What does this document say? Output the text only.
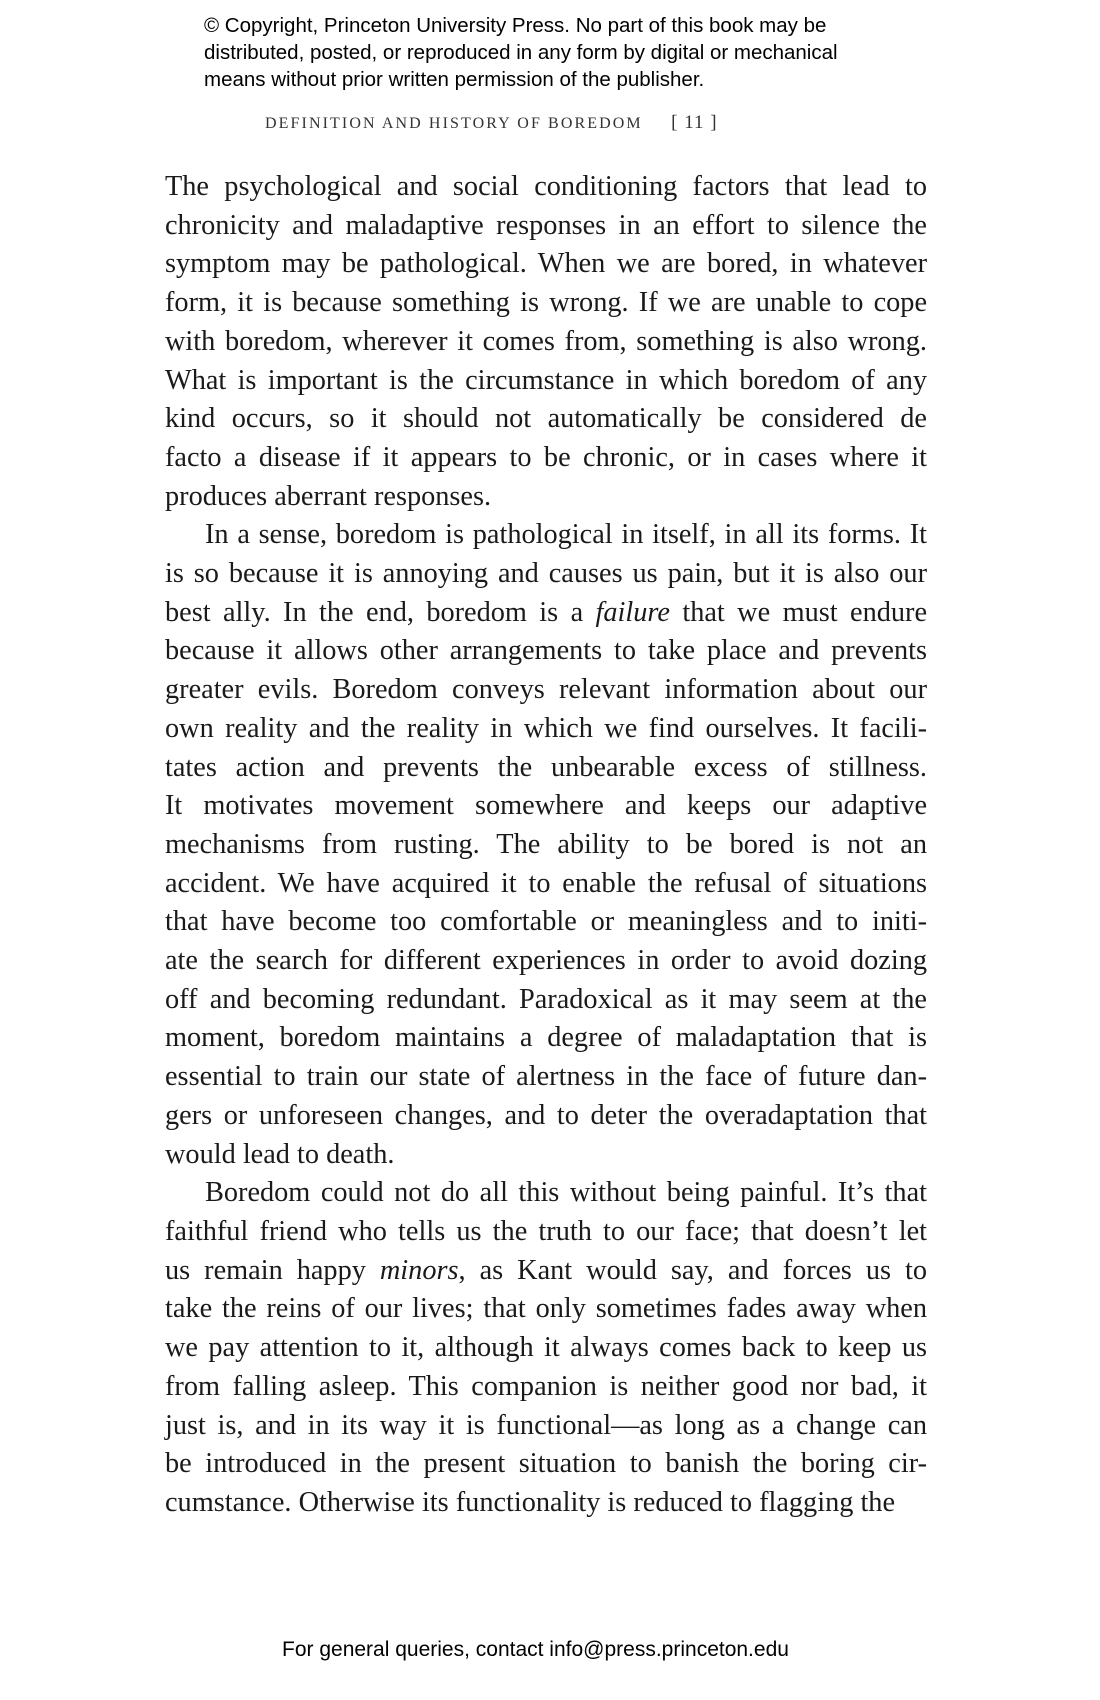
© Copyright, Princeton University Press. No part of this book may be
distributed, posted, or reproduced in any form by digital or mechanical
means without prior written permission of the publisher.
DEFINITION AND HISTORY OF BOREDOM [ 11 ]
The psychological and social conditioning factors that lead to
chronicity and maladaptive responses in an effort to silence the
symptom may be pathological. When we are bored, in whatever
form, it is because something is wrong. If we are unable to cope
with boredom, wherever it comes from, something is also wrong.
What is important is the circumstance in which boredom of any
kind occurs, so it should not automatically be considered de
facto a disease if it appears to be chronic, or in cases where it
produces aberrant responses.
In a sense, boredom is pathological in itself, in all its forms. It
is so because it is annoying and causes us pain, but it is also our
best ally. In the end, boredom is a failure that we must endure
because it allows other arrangements to take place and prevents
greater evils. Boredom conveys relevant information about our
own reality and the reality in which we find ourselves. It facili-
tates action and prevents the unbearable excess of stillness.
It motivates movement somewhere and keeps our adaptive
mechanisms from rusting. The ability to be bored is not an
accident. We have acquired it to enable the refusal of situations
that have become too comfortable or meaningless and to initi-
ate the search for different experiences in order to avoid dozing
off and becoming redundant. Paradoxical as it may seem at the
moment, boredom maintains a degree of maladaptation that is
essential to train our state of alertness in the face of future dan-
gers or unforeseen changes, and to deter the overadaptation that
would lead to death.
Boredom could not do all this without being painful. It’s that
faithful friend who tells us the truth to our face; that doesn’t let
us remain happy minors, as Kant would say, and forces us to
take the reins of our lives; that only sometimes fades away when
we pay attention to it, although it always comes back to keep us
from falling asleep. This companion is neither good nor bad, it
just is, and in its way it is functional—as long as a change can
be introduced in the present situation to banish the boring cir-
cumstance. Otherwise its functionality is reduced to flagging the
For general queries, contact info@press.princeton.edu
